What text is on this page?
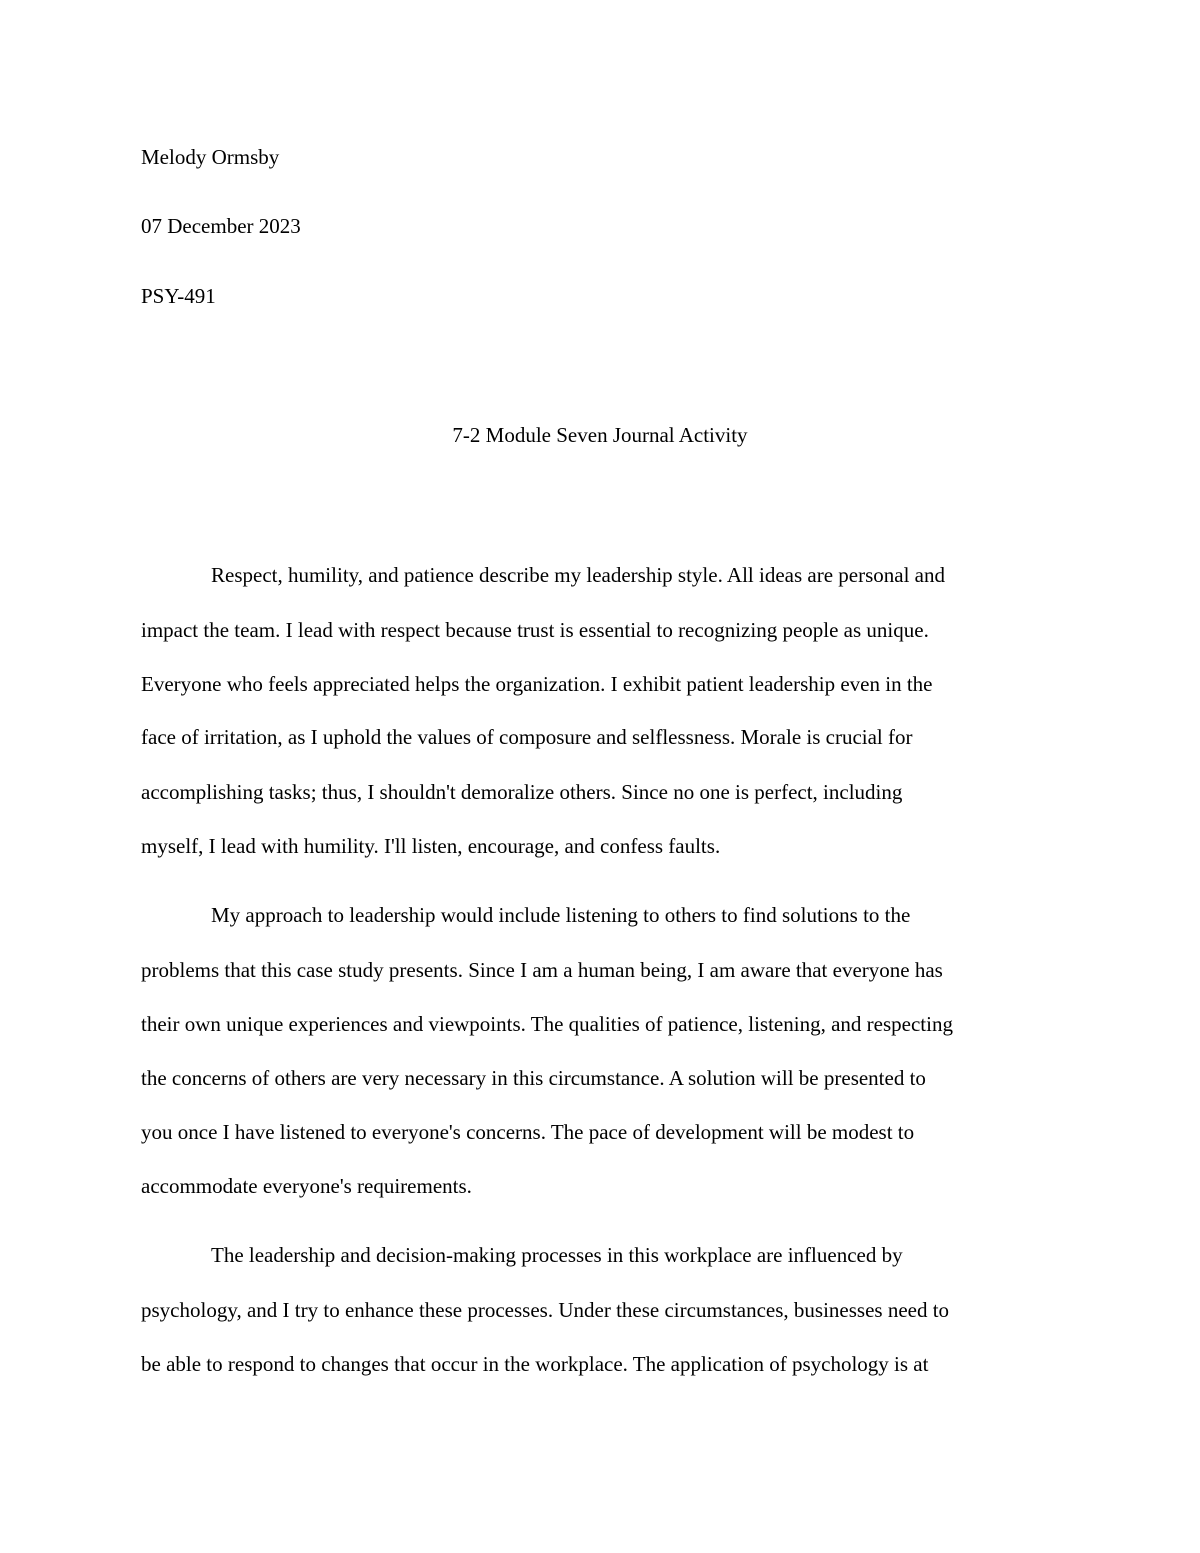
Melody Ormsby
07 December 2023
PSY-491
7-2 Module Seven Journal Activity
Respect, humility, and patience describe my leadership style. All ideas are personal and
impact the team. I lead with respect because trust is essential to recognizing people as unique.
Everyone who feels appreciated helps the organization. I exhibit patient leadership even in the
face of irritation, as I uphold the values of composure and selflessness. Morale is crucial for
accomplishing tasks; thus, I shouldn't demoralize others. Since no one is perfect, including
myself, I lead with humility. I'll listen, encourage, and confess faults.
My approach to leadership would include listening to others to find solutions to the
problems that this case study presents. Since I am a human being, I am aware that everyone has
their own unique experiences and viewpoints. The qualities of patience, listening, and respecting
the concerns of others are very necessary in this circumstance. A solution will be presented to
you once I have listened to everyone's concerns. The pace of development will be modest to
accommodate everyone's requirements.
The leadership and decision-making processes in this workplace are influenced by
psychology, and I try to enhance these processes. Under these circumstances, businesses need to
be able to respond to changes that occur in the workplace. The application of psychology is at
